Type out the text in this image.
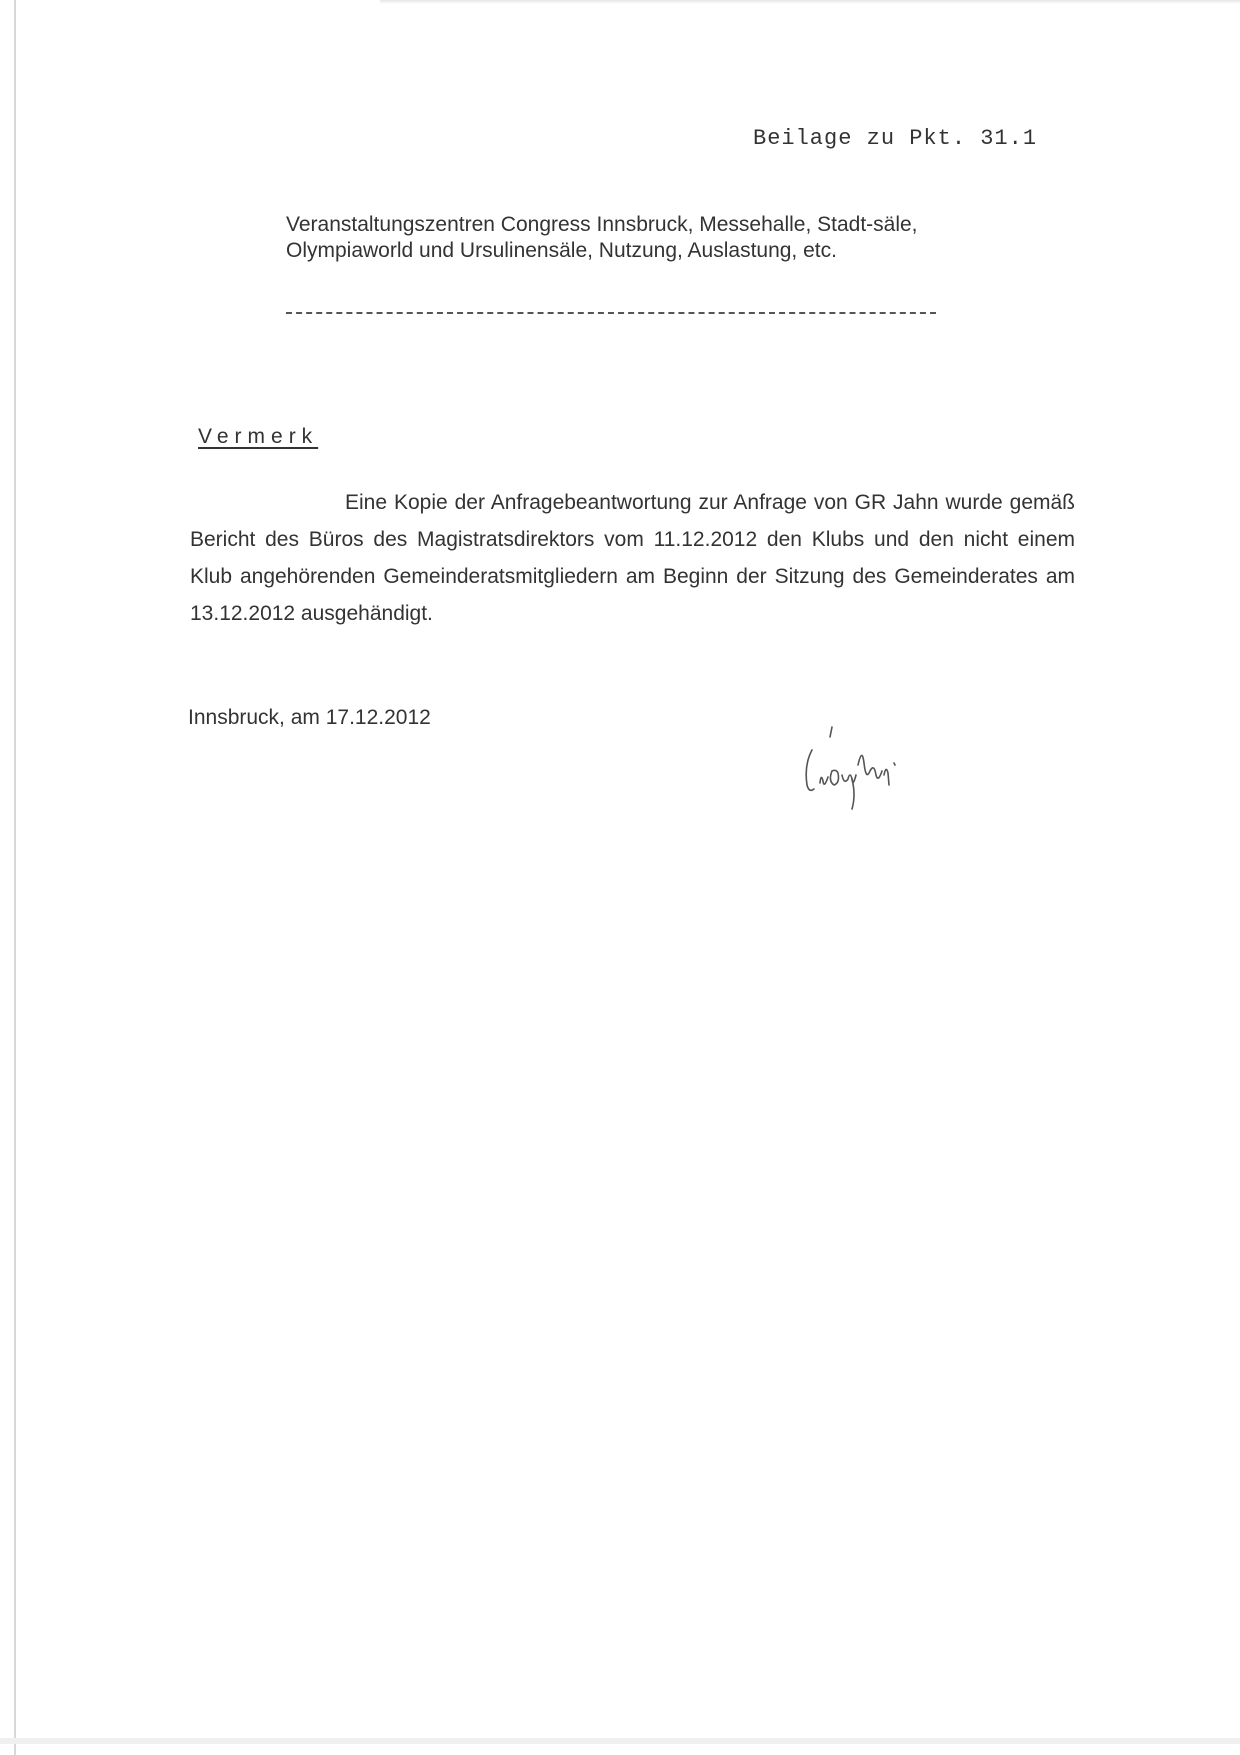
Beilage zu Pkt. 31.1
Veranstaltungszentren Congress Innsbruck, Messehalle, Stadt-säle, Olympiaworld und Ursulinensäle, Nutzung, Auslastung, etc.
Vermerk
Eine Kopie der Anfragebeantwortung zur Anfrage von GR Jahn wurde gemäß Bericht des Büros des Magistratsdirektors vom 11.12.2012 den Klubs und den nicht einem Klub angehörenden Gemeinderatsmitgliedern am Beginn der Sitzung des Gemeinderates am 13.12.2012 ausgehändigt.
Innsbruck, am 17.12.2012
